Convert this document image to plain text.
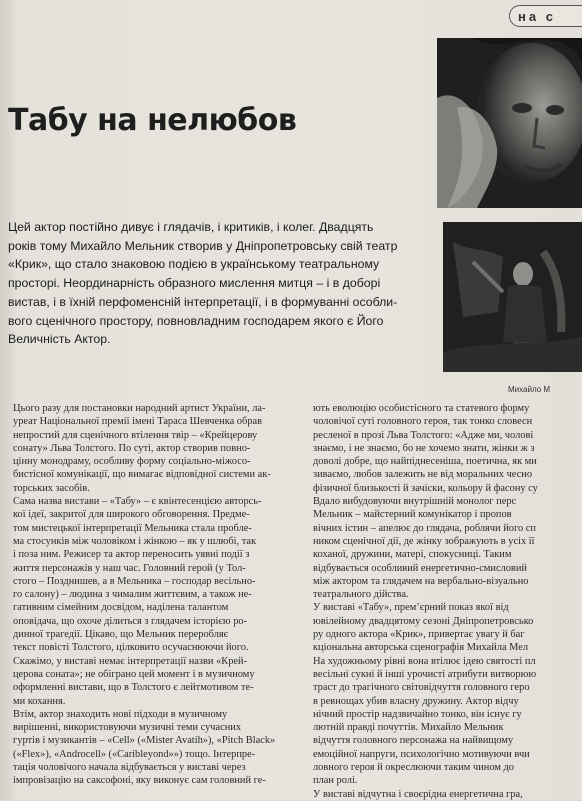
на с
Михайло М
Табу на нелюбов

Цей актор постійно дивує і глядачів, і критиків, і колег. Двадцять

років тому Михайло Мельник створив у Дніпропетровську свій театр

«Крик», що стало знаковою подією в українському театральному

просторі. Неординарність образного мислення митця – і в доборі

вистав, і в їхній перфоменсній інтерпретації, і в формуванні особли-

вого сценічного простору, повновладним господарем якого є Його

Величність Актор.

Цього разу для постановки народний артист України, ла-

уреат Національної премії імені Тараса Шевченка обрав

непростий для сценічного втілення твір – «Крейцерову

сонату» Льва Толстого. По суті, актор створив повно-

цінну монодраму, особливу форму соціально-міжосо-

бистісної комунікації, що вимагає відповідної системи ак-

торських засобів.

Сама назва вистави – «Табу» – є квінтесенцією авторсь-

кої ідеї, закритої для широкого обговорення. Предме-

том мистецької інтерпретації Мельника стала пробле-

ма стосунків між чоловіком і жінкою – як у шлюбі, так

і поза ним. Режисер та актор переносить уявні події з

життя персонажів у наш час. Головний герой (у Тол-

стого – Позднишев, а в Мельника – господар весільно-

го салону) – людина з чималим життєвим, а також не-

гативним сімейним досвідом, наділена талантом

оповідача, що охоче ділиться з глядачем історією ро-

динної трагедії. Цікаво, що Мельник переробляє

текст повісті Толстого, цілковито осучаснюючи його.

Скажімо, у виставі немає інтерпретації назви «Крей-

церова соната»; не обіграно цей момент і в музичному

оформленні вистави, що в Толстого є лейтмотивом те-

ми кохання.

Втім, актор знаходить нові підходи в музичному

вирішенні, використовуючи музичні теми сучасних

гуртів і музикантів – «Cell» («Mister Avatih»), «Pitch Black»

(«Flex»), «Androcell» («Caribleyond»») тощо. Інтерпре-

тація чоловічого начала відбувається у виставі через

імпровізацію на саксофоні, яку виконує сам головний ге-

ють еволюцію особистісного та статевого форму

чоловічої суті головного героя, так тонко словесн

ресленої в прозі Льва Толстого: «Адже ми, чолові

знаємо, і не знаємо, бо не хочемо знати, жінки ж з

доволі добре, що найпіднесеніша, поетична, як ми

зиваємо, любов залежить не від моральних чесно

фізичної близькості й зачіски, кольору й фасону су

Вдало вибудовуючи внутрішній монолог перс

Мельник – майстерний комунікатор і пропов

вічних істин – апелює до глядача, роблячи його сп

ником сценічної дії, де жінку зображують в усіх її

коханої, дружини, матері, спокусниці. Таким

відбувається особливий енергетично-смисловий

між актором та глядачем на вербально-візуально

театрального дійства.

У виставі «Табу», прем’єрний показ якої від

ювілейному двадцятому сезоні Дніпропетровсько

ру одного актора «Крик», привертає увагу й баг

кціональна авторська сценографія Михайла Мел

На художньому рівні вона втілює ідею святості пл

весільні сукні й інші урочисті атрибути витворюю

траст до трагічного світовідчуття головного геро

в ревнощах убив власну дружину. Актор відчу

нічний простір надзвичайно тонко, він існує гу

лютній правді почуттів. Михайло Мельник

відчуття головного персонажа на найвищому

емоційної напруги, психологічно мотивуючи вчи

ловного героя й окреслюючи таким чином до

план ролі.

У виставі відчутна і своєрідна енергетична гра,
